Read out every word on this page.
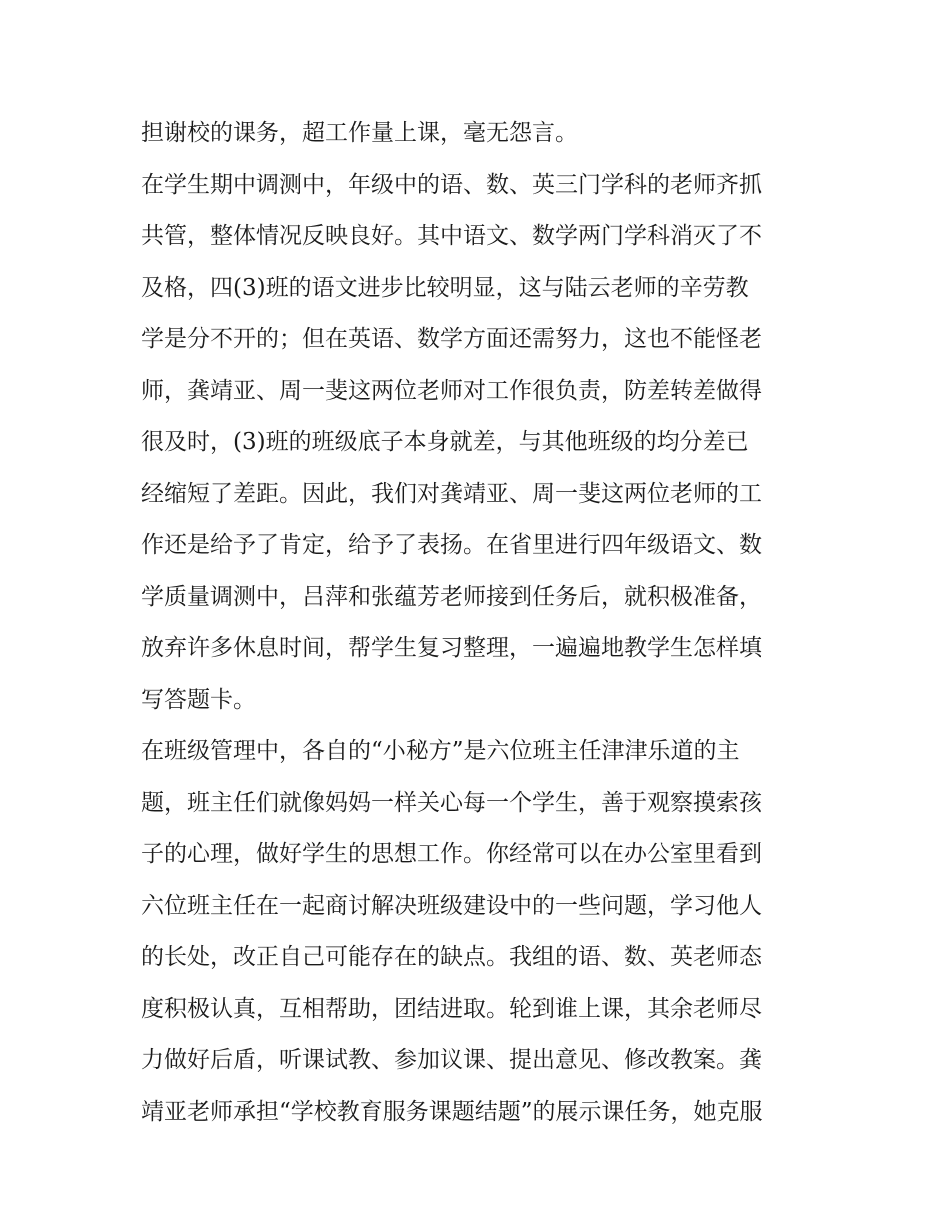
担谢校的课务，超工作量上课，毫无怨言。
在学生期中调测中，年级中的语、数、英三门学科的老师齐抓
共管，整体情况反映良好。其中语文、数学两门学科消灭了不
及格，四(3)班的语文进步比较明显，这与陆云老师的辛劳教
学是分不开的；但在英语、数学方面还需努力，这也不能怪老
师，龚靖亚、周一斐这两位老师对工作很负责，防差转差做得
很及时，(3)班的班级底子本身就差，与其他班级的均分差已
经缩短了差距。因此，我们对龚靖亚、周一斐这两位老师的工
作还是给予了肯定，给予了表扬。在省里进行四年级语文、数
学质量调测中，吕萍和张蕴芳老师接到任务后，就积极准备，
放弃许多休息时间，帮学生复习整理，一遍遍地教学生怎样填
写答题卡。
在班级管理中，各自的“小秘方”是六位班主任津津乐道的主
题，班主任们就像妈妈一样关心每一个学生，善于观察摸索孩
子的心理，做好学生的思想工作。你经常可以在办公室里看到
六位班主任在一起商讨解决班级建设中的一些问题，学习他人
的长处，改正自己可能存在的缺点。我组的语、数、英老师态
度积极认真，互相帮助，团结进取。轮到谁上课，其余老师尽
力做好后盾，听课试教、参加议课、提出意见、修改教案。龚
靖亚老师承担“学校教育服务课题结题”的展示课任务，她克服
